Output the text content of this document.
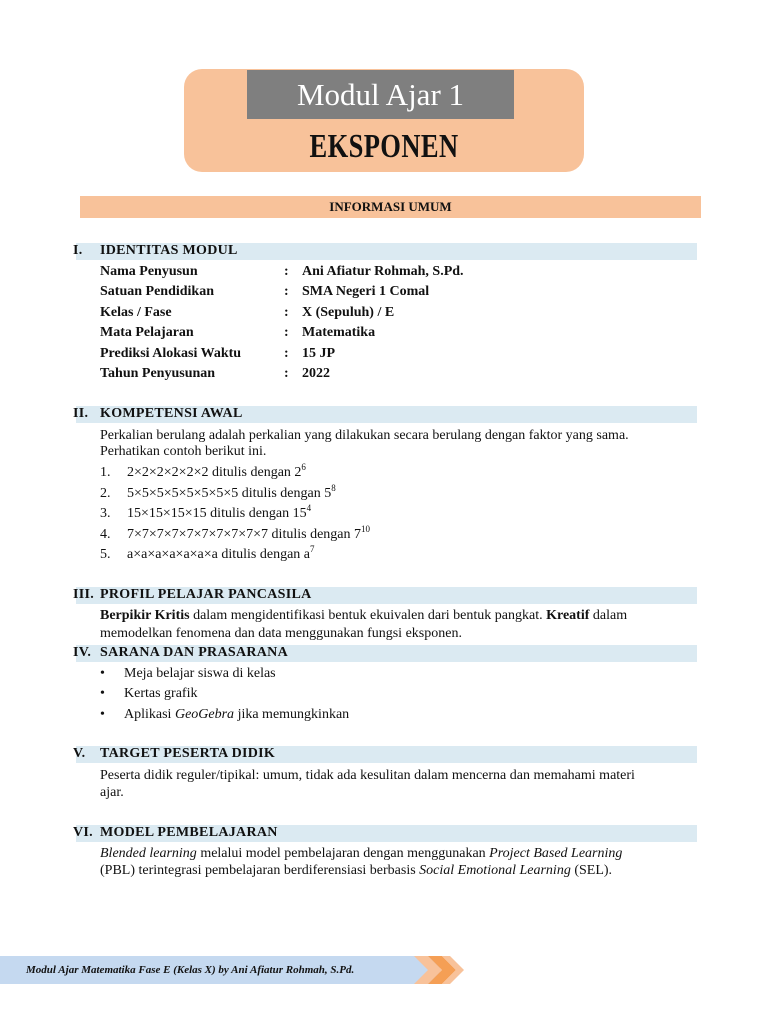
Modul Ajar 1
EKSPONEN
INFORMASI UMUM
I. IDENTITAS MODUL
Nama Penyusun	: Ani Afiatur Rohmah, S.Pd.
Satuan Pendidikan	: SMA Negeri 1 Comal
Kelas / Fase	: X (Sepuluh) / E
Mata Pelajaran	: Matematika
Prediksi Alokasi Waktu	: 15 JP
Tahun Penyusunan	: 2022
II. KOMPETENSI AWAL
Perkalian berulang adalah perkalian yang dilakukan secara berulang dengan faktor yang sama.
Perhatikan contoh berikut ini.
1. 2×2×2×2×2×2 ditulis dengan $2^6$
2. 5×5×5×5×5×5×5×5 ditulis dengan $5^8$
3. 15×15×15×15 ditulis dengan $15^4$
4. 7×7×7×7×7×7×7×7×7×7 ditulis dengan $7^{10}$
5. a×a×a×a×a×a×a ditulis dengan $a^7$
III. PROFIL PELAJAR PANCASILA
Berpikir Kritis dalam mengidentifikasi bentuk ekuivalen dari bentuk pangkat. Kreatif dalam
memodelkan fenomena dan data menggunakan fungsi eksponen.
IV. SARANA DAN PRASARANA
• Meja belajar siswa di kelas
• Kertas grafik
• Aplikasi GeoGebra jika memungkinkan
V. TARGET PESERTA DIDIK
Peserta didik reguler/tipikal: umum, tidak ada kesulitan dalam mencerna dan memahami materi
ajar.
VI. MODEL PEMBELAJARAN
Blended learning melalui model pembelajaran dengan menggunakan Project Based Learning
(PBL) terintegrasi pembelajaran berdiferensiasi berbasis Social Emotional Learning (SEL).
Modul Ajar Matematika Fase E (Kelas X) by Ani Afiatur Rohmah, S.Pd.
